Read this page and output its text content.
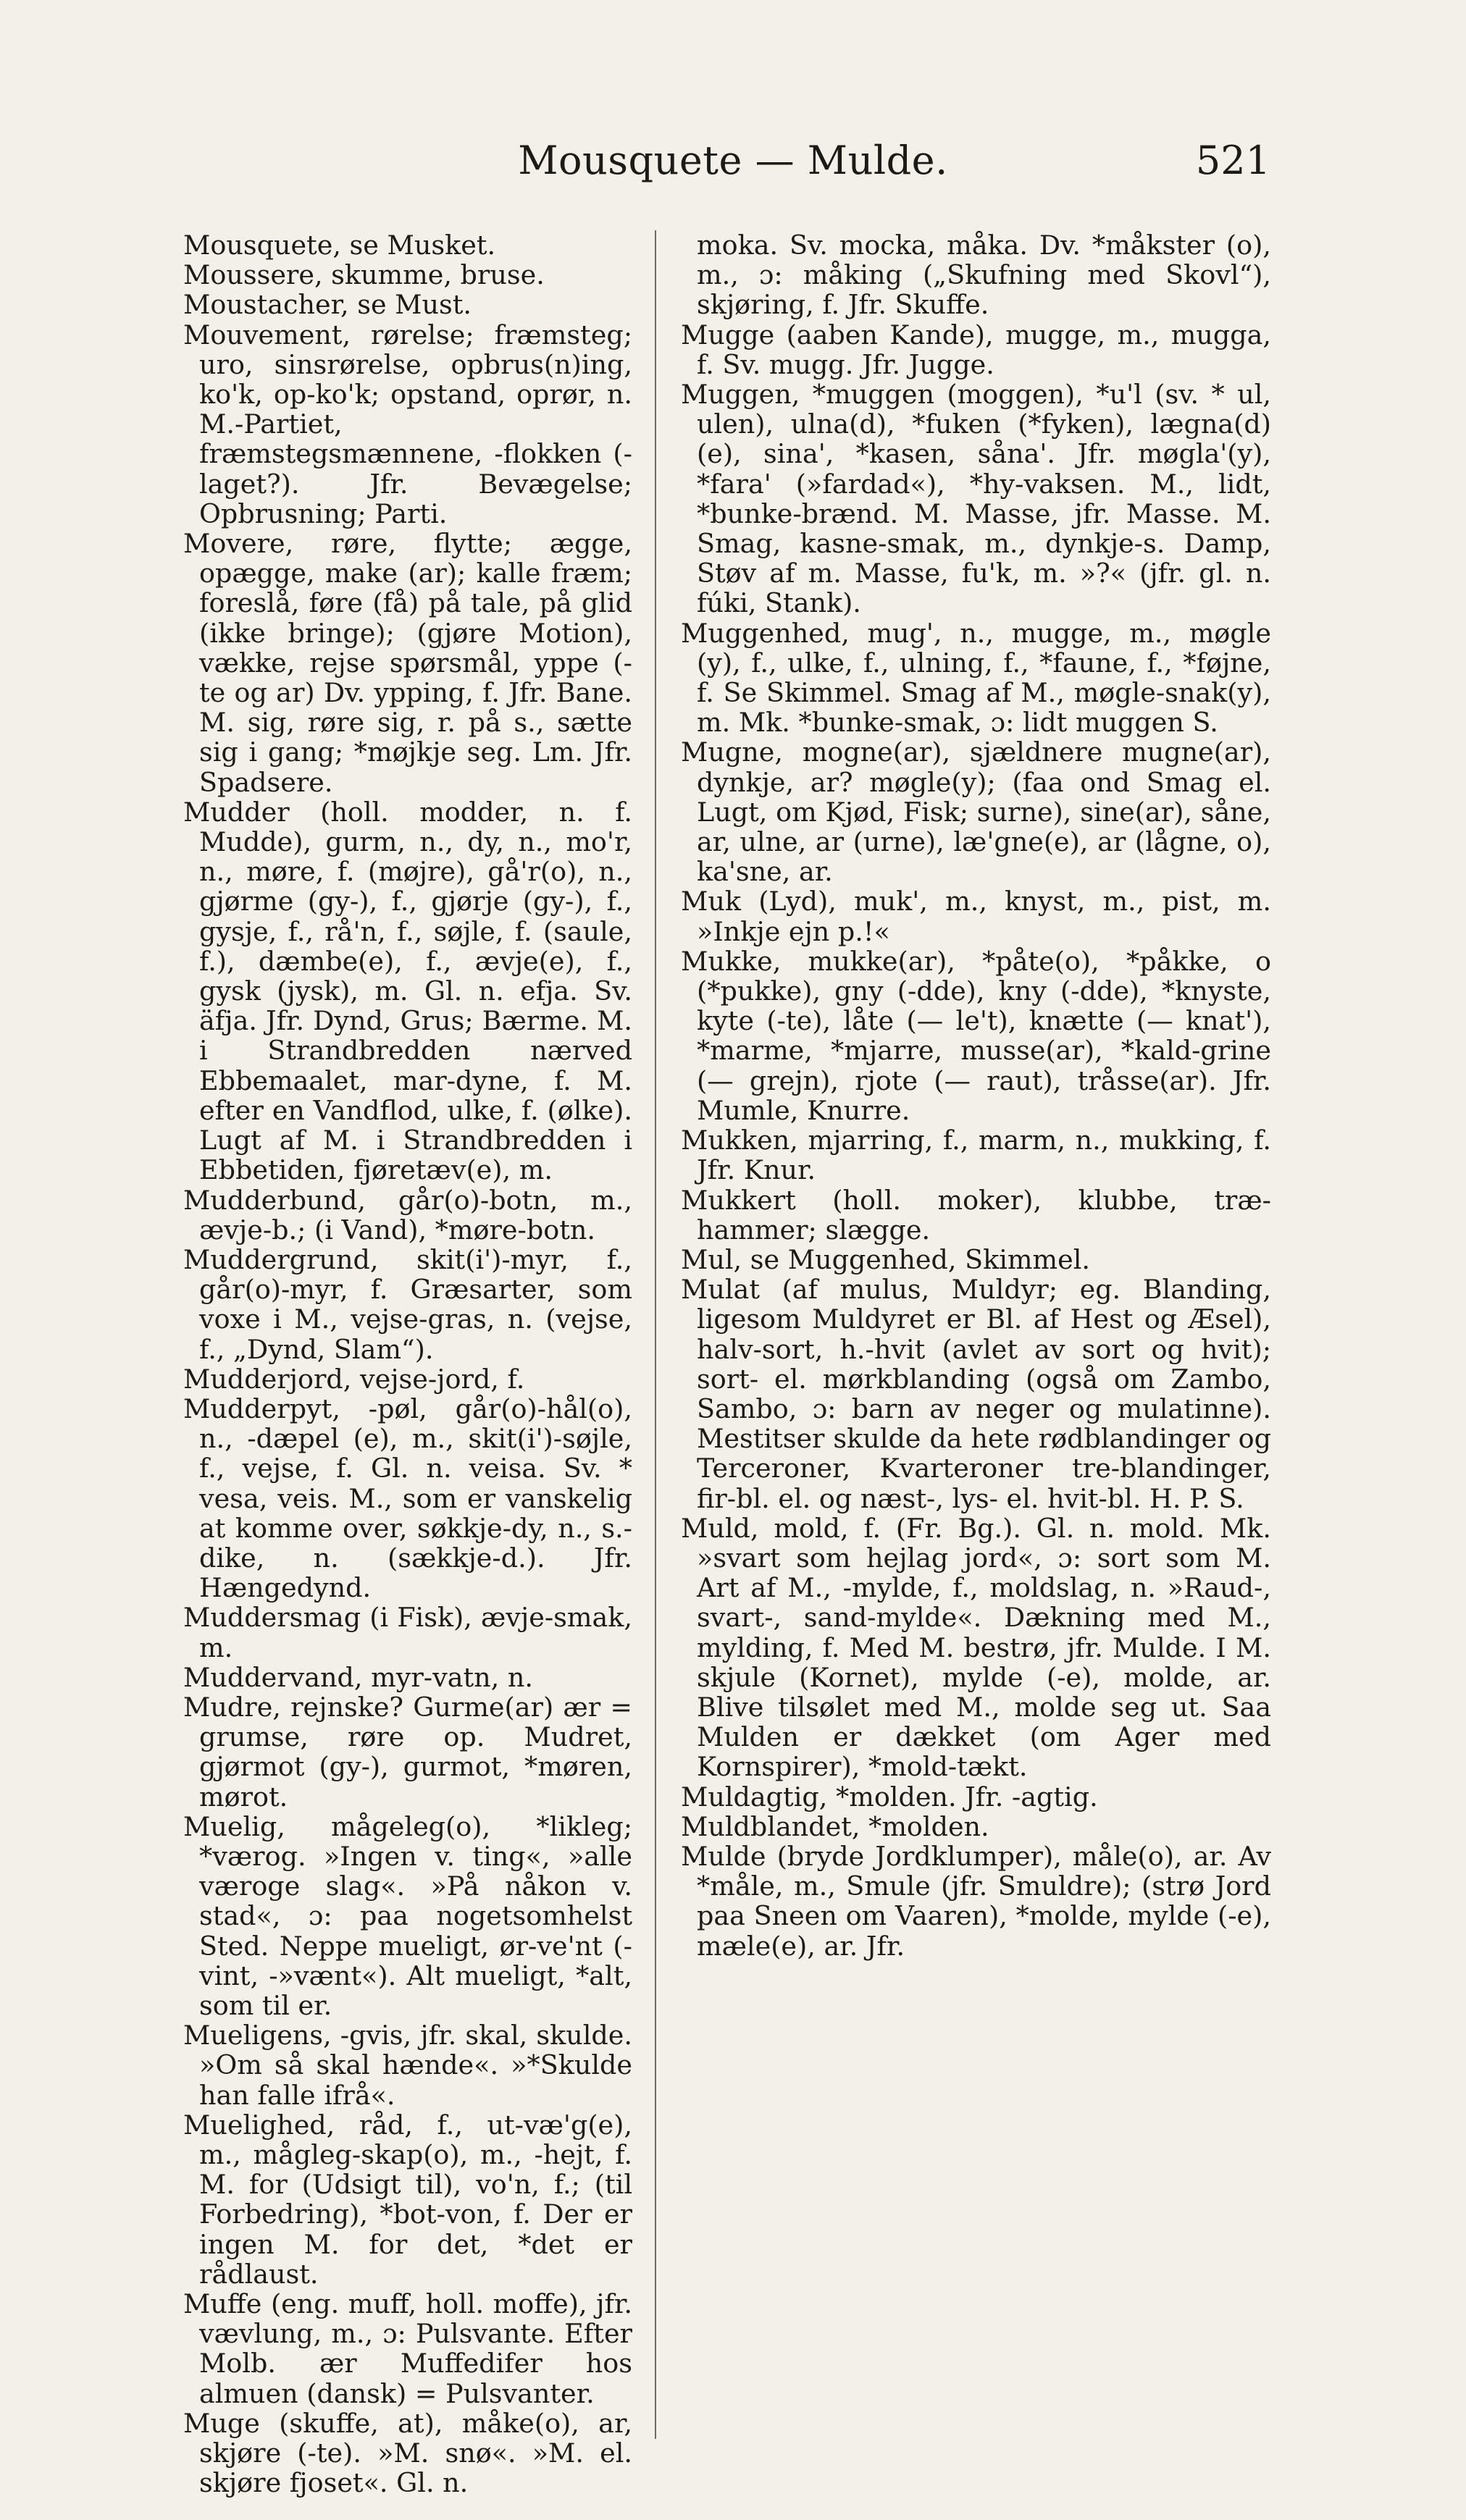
Mousquete — Mulde.	521

Mousquete, se Musket.

Mousserе, skumme, bruse.

Moustacher, se Must.

Mouvement, rørelse; fræmsteg; uro, sinsrørelse, opbrus(n)ing, ko'k, op-ko'k; opstand, oprør, n. M.-Partiet, fræmstegsmænnene, -flokken (-laget?). Jfr. Bevægelse; Opbrusning; Parti.

Movere, røre, flytte; ægge, opægge, make (ar); kalle fræm; foreslå, føre (få) på tale, på glid (ikke bringe); (gjøre Motion), vække, rejse spørsmål, yppe (-te og ar) Dv. ypping, f. Jfr. Bane. M. sig, røre sig, r. på s., sætte sig i gang; *møjkje seg. Lm. Jfr. Spadsere.

Mudder (holl. modder, n. f. Mudde), gurm, n., dy, n., mo'r, n., møre, f. (møjre), gå'r(o), n., gjørme (gy-), f., gjørje (gy-), f., gysje, f., rå'n, f., søjle, f. (saule, f.), dæmbe(e), f., ævje(e), f., gysk (jysk), m. Gl. n. efja. Sv. äfja. Jfr. Dynd, Grus; Bærme. M. i Strandbredden nærved Ebbemaalet, mar-dyne, f. M. efter en Vandflod, ulke, f. (ølke). Lugt af M. i Strandbredden i Ebbetiden, fjøretæv(e), m.

Mudderbund, går(o)-botn, m., ævje-b.; (i Vand), *møre-botn.

Muddergrund, skit(i')-myr, f., går(o)-myr, f. Græsarter, som voxe i M., vejse-gras, n. (vejse, f., „Dynd, Slam“).

Mudderjord, vejse-jord, f.

Mudderpyt, -pøl, går(o)-hål(o), n., -dæpel (e), m., skit(i')-søjle, f., vejse, f. Gl. n. veisa. Sv. * vesa, veis. M., som er vanskelig at komme over, søkkje-dy, n., s.-dike, n. (sækkje-d.). Jfr. Hængedynd.

Muddersmag (i Fisk), ævje-smak, m.

Muddervand, myr-vatn, n.

Mudre, rejnske? Gurme(ar) ær = grumse, røre op. Mudret, gjørmot (gy-), gurmot, *møren, mørot.

Muelig, mågeleg(o), *likleg; *værog. »Ingen v. ting«, »alle væroge slag«. »På nåkon v. stad«, ɔ: paa nogetsomhelst Sted. Neppe mueligt, ør-ve'nt (-vint, -»vænt«). Alt mueligt, *alt, som til er.

Mueligens, -gvis, jfr. skal, skulde. »Om så skal hænde«. »*Skulde han falle ifrå«.

Muelighed, råd, f., ut-væ'g(e), m., mågleg-skap(o), m., -hejt, f. M. for (Udsigt til), vo'n, f.; (til Forbedring), *bot-von, f. Der er ingen M. for det, *det er rådlaust.

Muffe (eng. muff, holl. moffe), jfr. vævlung, m., ɔ: Pulsvante. Efter Molb. ær Muffedifer hos almuen (dansk) = Pulsvanter.

Muge (skuffe, at), måke(o), ar, skjøre (-te). »M. snø«. »M. el. skjøre fjoset«. Gl. n.

moka. Sv. mocka, måka. Dv. *måkster (o), m., ɔ: måking („Skufning med Skovl“), skjøring, f. Jfr. Skuffe.

Mugge (aaben Kande), mugge, m., mugga, f. Sv. mugg. Jfr. Jugge.

Muggen, *muggen (moggen), *u'l (sv. * ul, ulen), ulna(d), *fuken (*fyken), lægna(d) (e), sina', *kasen, såna'. Jfr. møgla'(y), *fara' (»fardad«), *hy-vaksen. M., lidt, *bunke-brænd. M. Masse, jfr. Masse. M. Smag, kasne-smak, m., dynkje-s. Damp, Støv af m. Masse, fu'k, m. »?« (jfr. gl. n. fúki, Stank).

Muggenhed, mug', n., mugge, m., møgle (y), f., ulke, f., ulning, f., *faune, f., *føjne, f. Se Skimmel. Smag af M., møgle-snak(y), m. Mk. *bunke-smak, ɔ: lidt muggen S.

Mugne, mogne(ar), sjældnere mugne(ar), dynkje, ar? møgle(y); (faa ond Smag el. Lugt, om Kjød, Fisk; surne), sine(ar), såne, ar, ulne, ar (urne), læ'gne(e), ar (lågne, o), ka'sne, ar.

Muk (Lyd), muk', m., knyst, m., pist, m. »Inkje ejn p.!«

Mukke, mukke(ar), *påte(o), *påkke, o (*pukke), gny (-dde), kny (-dde), *knyste, kyte (-te), låte (— le't), knætte (— knat'), *marme, *mjarre, musse(ar), *kald-grine (— grejn), rjote (— raut), tråsse(ar). Jfr. Mumle, Knurre.

Mukken, mjarring, f., marm, n., mukking, f. Jfr. Knur.

Mukkert (holl. moker), klubbe, træ-hammer; slægge.

Mul, se Muggenhed, Skimmel.

Mulat (af mulus, Muldyr; eg. Blanding, ligesom Muldyret er Bl. af Hest og Æsel), halv-sort, h.-hvit (avlet av sort og hvit); sort- el. mørkblanding (også om Zambo, Sambo, ɔ: barn av neger og mulatinne). Mestitser skulde da hete rødblandinger og Terceroner, Kvarteroner tre-blandinger, fir-bl. el. og næst-, lys- el. hvit-bl. H. P. S.

Muld, mold, f. (Fr. Bg.). Gl. n. mold. Mk. »svart som hejlag jord«, ɔ: sort som M. Art af M., -mylde, f., moldslag, n. »Raud-, svart-, sand-mylde«. Dækning med M., mylding, f. Med M. bestrø, jfr. Mulde. I M. skjule (Kornet), mylde (-e), molde, ar. Blive tilsølet med M., molde seg ut. Saa Mulden er dækket (om Ager med Kornspirer), *mold-tækt.

Muldagtig, *molden. Jfr. -agtig.

Muldblandet, *molden.

Mulde (bryde Jordklumper), måle(o), ar. Av *måle, m., Smule (jfr. Smuldre); (strø Jord paa Sneen om Vaaren), *molde, mylde (-e), mæle(e), ar. Jfr.
